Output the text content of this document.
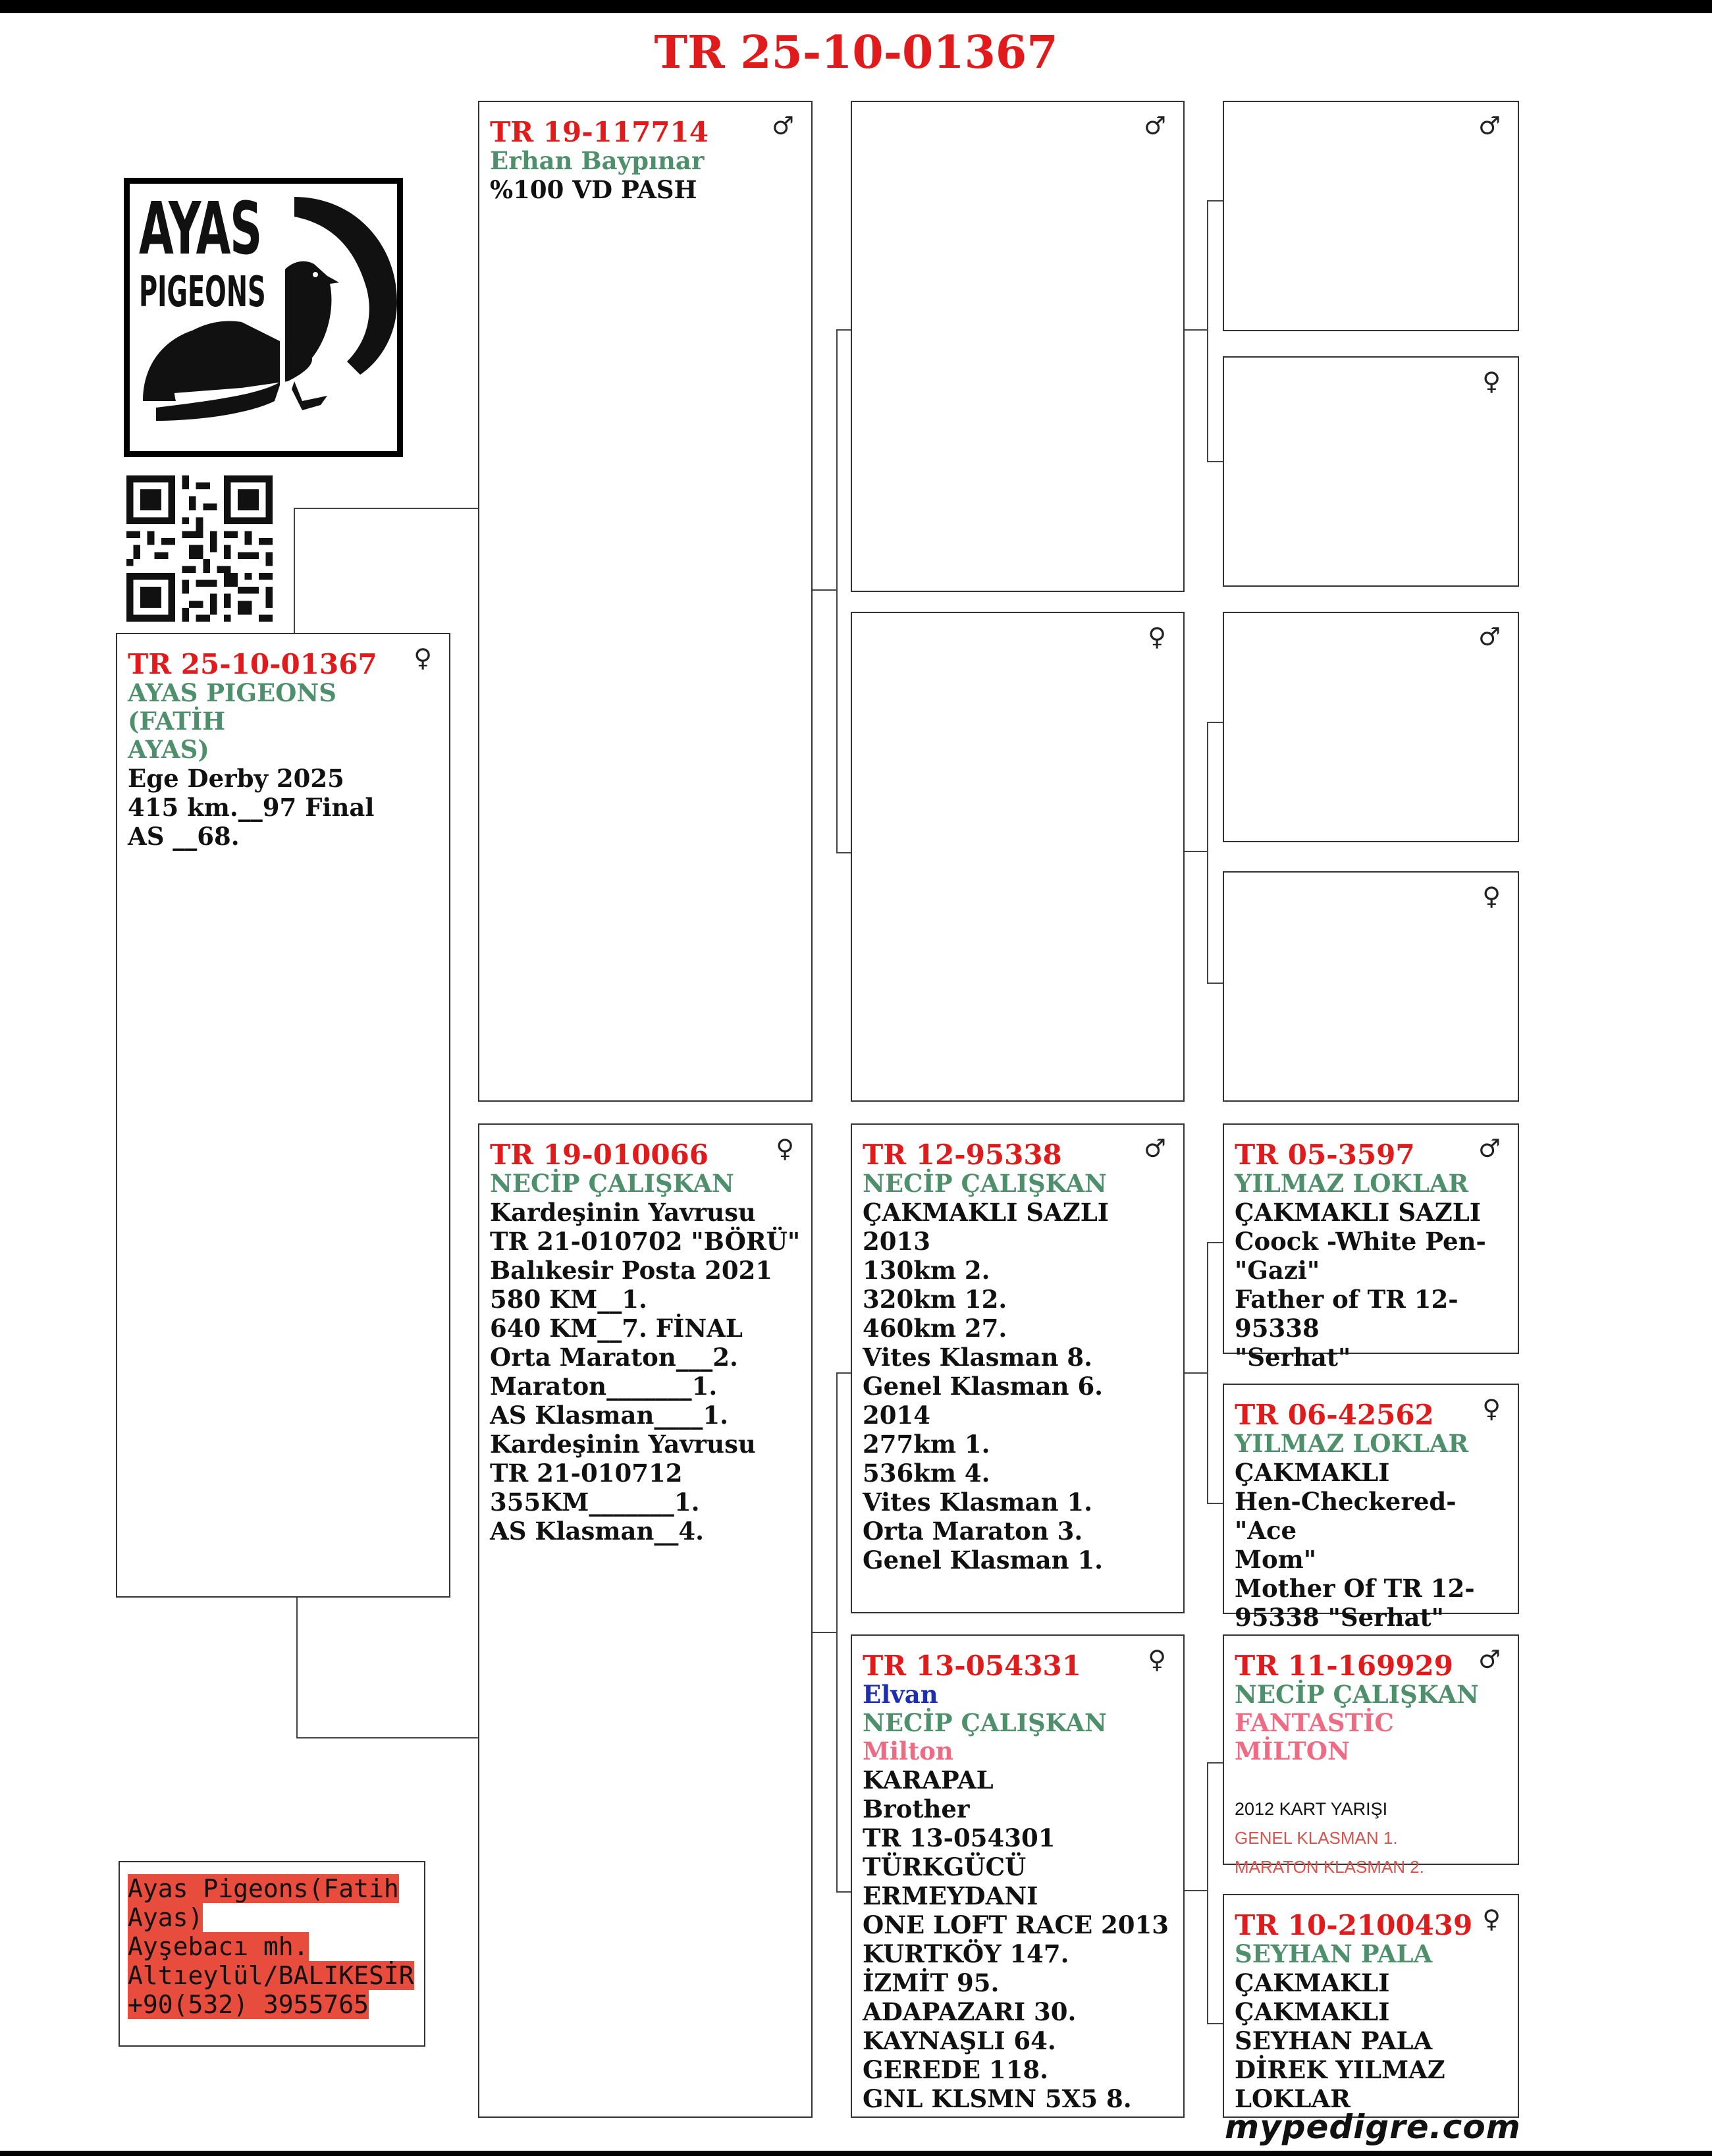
TR 25-10-01367
AYAS
PIGEONS
♀
TR 25-10-01367
AYAS PIGEONS (FATİH
AYAS)
Ege Derby 2025
415 km.__97 Final
AS __68.
♂
TR 19-117714
Erhan Baypınar
%100 VD PASH
♀
TR 19-010066
NECİP ÇALIŞKAN
Kardeşinin Yavrusu
TR 21-010702 "BÖRÜ"
Balıkesir Posta 2021
580 KM__1.
640 KM__7. FİNAL
Orta Maraton___2.
Maraton_______1.
AS Klasman____1.
Kardeşinin Yavrusu
TR 21-010712
355KM_______1.
AS Klasman__4.
♂
♀
♂
TR 12-95338
NECİP ÇALIŞKAN
ÇAKMAKLI SAZLI
2013
130km 2.
320km 12.
460km 27.
Vites Klasman 8.
Genel Klasman 6.
2014
277km 1.
536km 4.
Vites Klasman 1.
Orta Maraton 3.
Genel Klasman 1.
♀
TR 13-054331
Elvan
NECİP ÇALIŞKAN
Milton
KARAPAL
Brother
TR 13-054301
TÜRKGÜCÜ
ERMEYDANI
ONE LOFT RACE 2013
KURTKÖY 147.
İZMİT 95.
ADAPAZARI 30.
KAYNAŞLI 64.
GEREDE 118.
GNL KLSMN 5X5 8.
♂
♀
♂
♀
♂
TR 05-3597
YILMAZ LOKLAR
ÇAKMAKLI SAZLI
Coock -White Pen-
"Gazi"
Father of TR 12-95338
"Serhat"
♀
TR 06-42562
YILMAZ LOKLAR
ÇAKMAKLI
Hen-Checkered-"Ace
Mom"
Mother Of TR 12-
95338 "Serhat"
♂
TR 11-169929
NECİP ÇALIŞKAN
FANTASTİC MİLTON
2012 KART YARIŞI
GENEL KLASMAN 1.
MARATON KLASMAN 2.
♀
TR 10-2100439
SEYHAN PALA
ÇAKMAKLI
ÇAKMAKLI
SEYHAN PALA
DİREK YILMAZ
LOKLAR
Ayas Pigeons(Fatih
Ayas)
Ayşebacı mh.
Altıeylül/BALIKESİR
+90(532) 3955765
mypedigre.com
